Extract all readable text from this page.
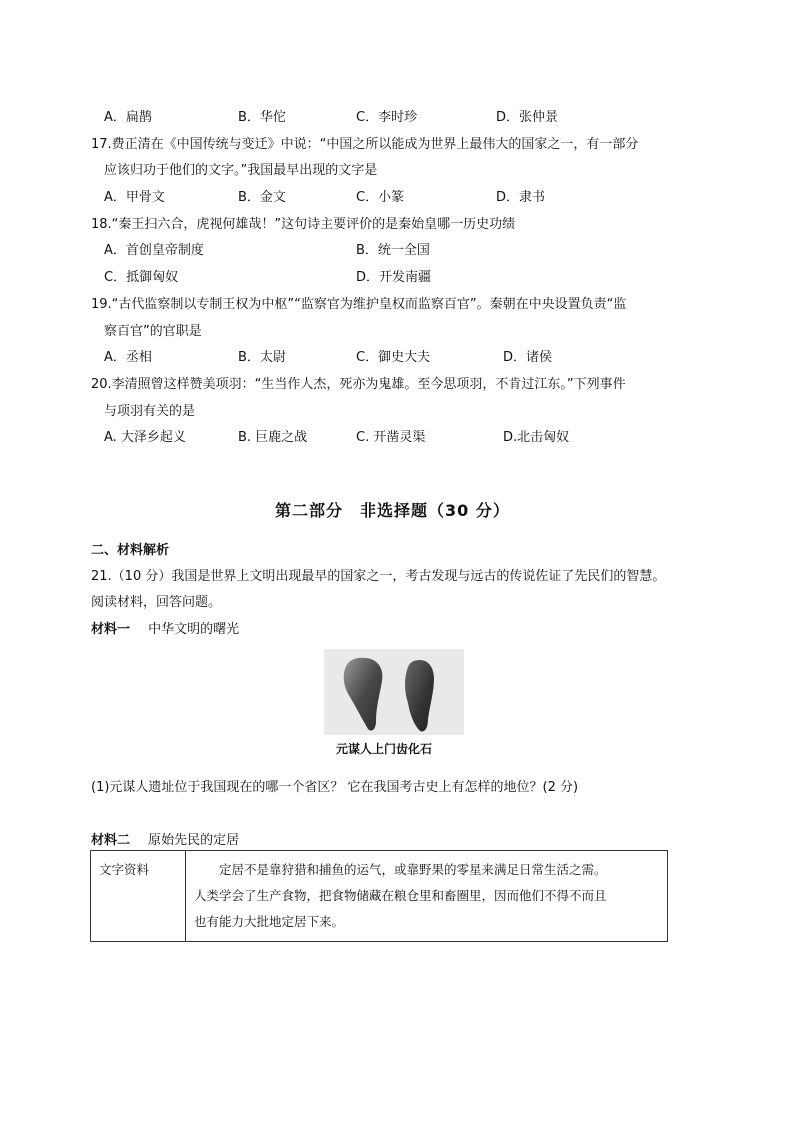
A．扁鹊	B．华佗	C．李时珍	D．张仲景
17.费正清在《中国传统与变迁》中说：“中国之所以能成为世界上最伟大的国家之一，有一部分
应该归功于他们的文字。”我国最早出现的文字是
A．甲骨文	B．金文	C．小篆	D．隶书
18.“秦王扫六合，虎视何雄哉！”这句诗主要评价的是秦始皇哪一历史功绩
A．首创皇帝制度	B．统一全国
C．抵御匈奴	D．开发南疆
19.“古代监察制以专制王权为中枢”“监察官为维护皇权而监察百官”。秦朝在中央设置负责“监
察百官”的官职是
A．丞相	B．太尉	C．御史大夫	D．诸侯
20.李清照曾这样赞美项羽：“生当作人杰，死亦为鬼雄。至今思项羽，不肯过江东。”下列事件
与项羽有关的是
A. 大泽乡起义	B. 巨鹿之战	C. 开凿灵渠	D.北击匈奴
第二部分　非选择题（30 分）
二、材料解析
21.（10 分）我国是世界上文明出现最早的国家之一，考古发现与远古的传说佐证了先民们的智慧。
阅读材料，回答问题。
材料一 中华文明的曙光
元谋人上门齿化石
(1)元谋人遗址位于我国现在的哪一个省区？ 它在我国考古史上有怎样的地位？(2 分)
材料二 原始先民的定居
文字资料	定居不是靠狩猎和捕鱼的运气，或靠野果的零星来满足日常生活之需。
人类学会了生产食物，把食物储藏在粮仓里和畜圈里，因而他们不得不而且
也有能力大批地定居下来。
